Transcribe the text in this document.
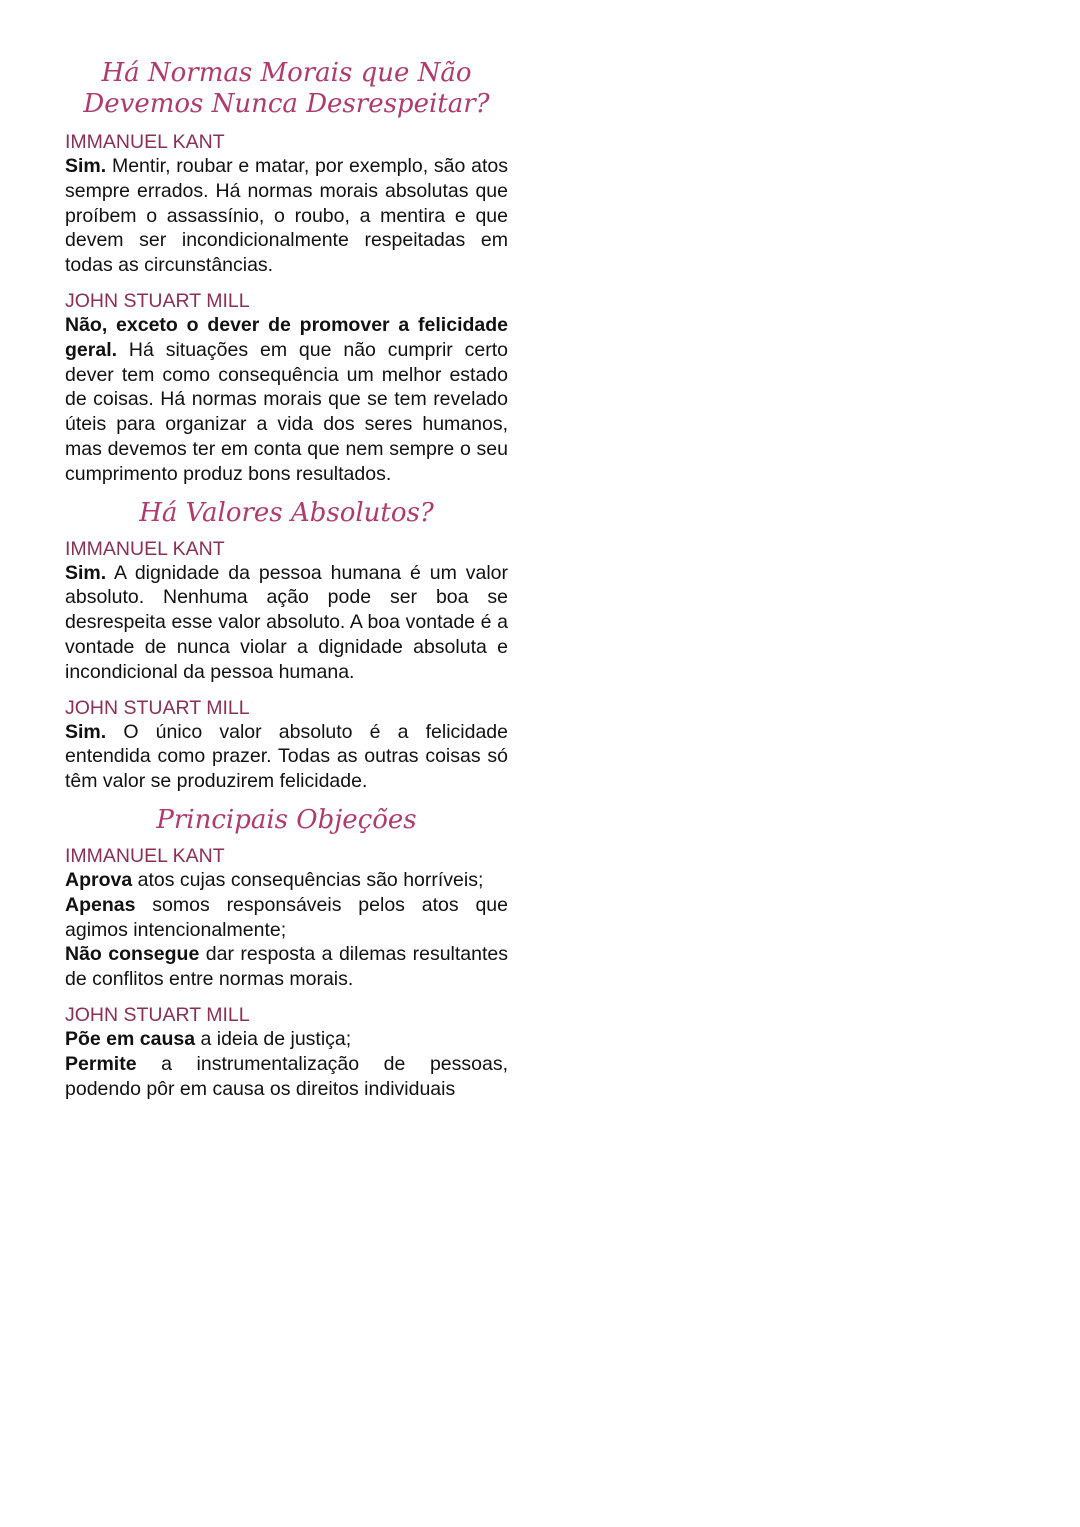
Há Normas Morais que Não
Devemos Nunca Desrespeitar?
IMMANUEL KANT

Sim. Mentir, roubar e matar, por exemplo, são atos sempre errados. Há normas morais absolutas que proíbem o assassínio, o roubo, a mentira e que devem ser incondicionalmente respeitadas em todas as circunstâncias.

JOHN STUART MILL

Não, exceto o dever de promover a felicidade geral. Há situações em que não cumprir certo dever tem como consequência um melhor estado de coisas. Há normas morais que se tem revelado úteis para organizar a vida dos seres humanos, mas devemos ter em conta que nem sempre o seu cumprimento produz bons resultados.

Há Valores Absolutos?
IMMANUEL KANT

Sim. A dignidade da pessoa humana é um valor absoluto. Nenhuma ação pode ser boa se desrespeita esse valor absoluto. A boa vontade é a vontade de nunca violar a dignidade absoluta e incondicional da pessoa humana.

JOHN STUART MILL

Sim. O único valor absoluto é a felicidade entendida como prazer. Todas as outras coisas só têm valor se produzirem felicidade.

Principais Objeções
IMMANUEL KANT

Aprova atos cujas consequências são horríveis;

Apenas somos responsáveis pelos atos que agimos intencionalmente;

Não consegue dar resposta a dilemas resultantes de conflitos entre normas morais.

JOHN STUART MILL

Põe em causa a ideia de justiça;

Permite a instrumentalização de pessoas, podendo pôr em causa os direitos individuais
